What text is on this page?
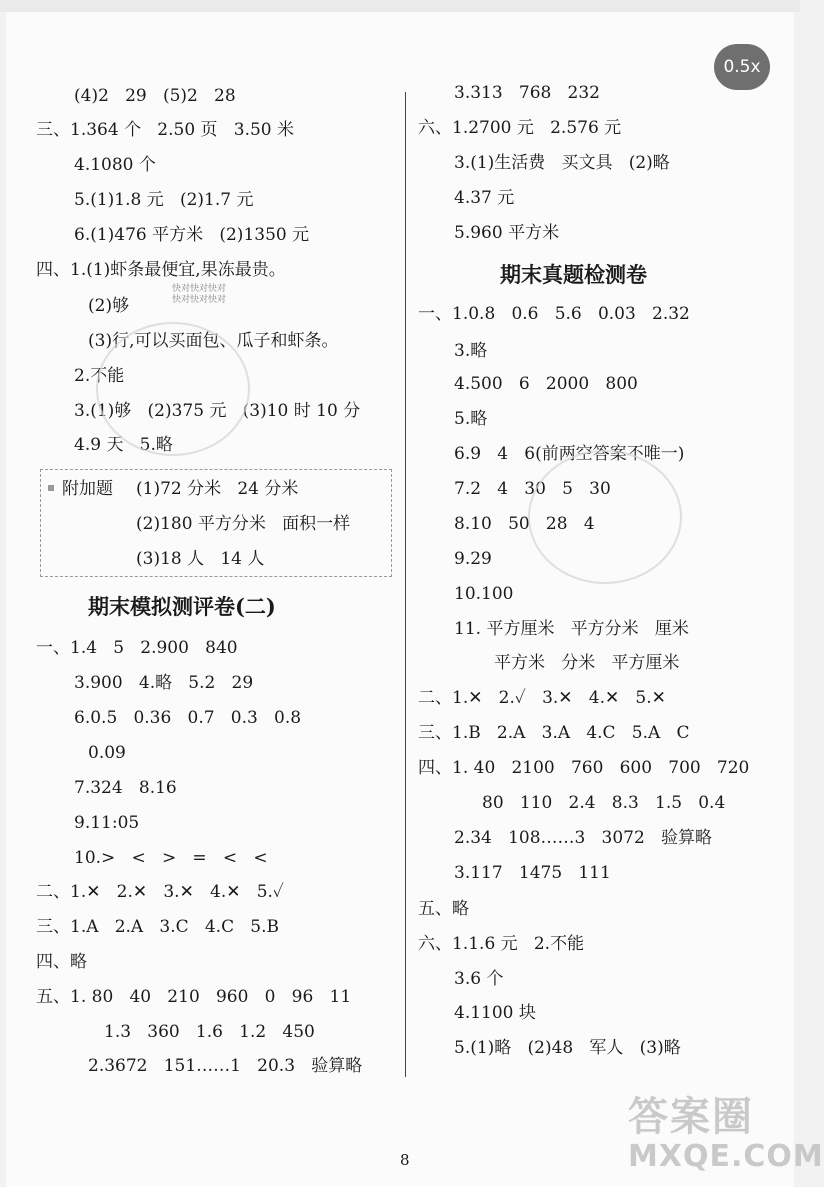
0.5x
(4)2   29   (5)2   28
三、1.364 个   2.50 页   3.50 米
4.1080 个
5.(1)1.8 元   (2)1.7 元
6.(1)476 平方米   (2)1350 元
四、1.(1)虾条最便宜,果冻最贵。
(2)够
(3)行,可以买面包、瓜子和虾条。
2.不能
3.(1)够   (2)375 元   (3)10 时 10 分
4.9 天   5.略
附加题 (1)72 分米   24 分米
(2)180 平方分米   面积一样
(3)18 人   14 人
期末模拟测评卷(二)
一、1.4   5   2.900   840
3.900   4.略   5.2   29
6.0.5   0.36   0.7   0.3   0.8
0.09
7.324   8.16
9.11:05
10.>   <   >   =   <   <
二、1.✕   2.✕   3.✕   4.✕   5.✓
三、1.A   2.A   3.C   4.C   5.B
四、略
五、1. 80   40   210   960   0   96   11
1.3   360   1.6   1.2   450
2.3672   151……1   20.3   验算略
3.313   768   232
六、1.2700 元   2.576 元
3.(1)生活费   买文具   (2)略
4.37 元
5.960 平方米
期末真题检测卷
一、1.0.8   0.6   5.6   0.03   2.32
3.略
4.500   6   2000   800
5.略
6.9   4   6(前两空答案不唯一)
7.2   4   30   5   30
8.10   50   28   4
9.29
10.100
11. 平方厘米   平方分米   厘米
平方米   分米   平方厘米
二、1.✕   2.✓   3.✕   4.✕   5.✕
三、1.B   2.A   3.A   4.C   5.A   C
四、1. 40   2100   760   600   700   720
80   110   2.4   8.3   1.5   0.4
2.34   108……3   3072   验算略
3.117   1475   111
五、略
六、1.1.6 元   2.不能
3.6 个
4.1100 块
5.(1)略   (2)48   军人   (3)略
快对快对快对
快对快对快对
8
答案圈
MXQE.COM
